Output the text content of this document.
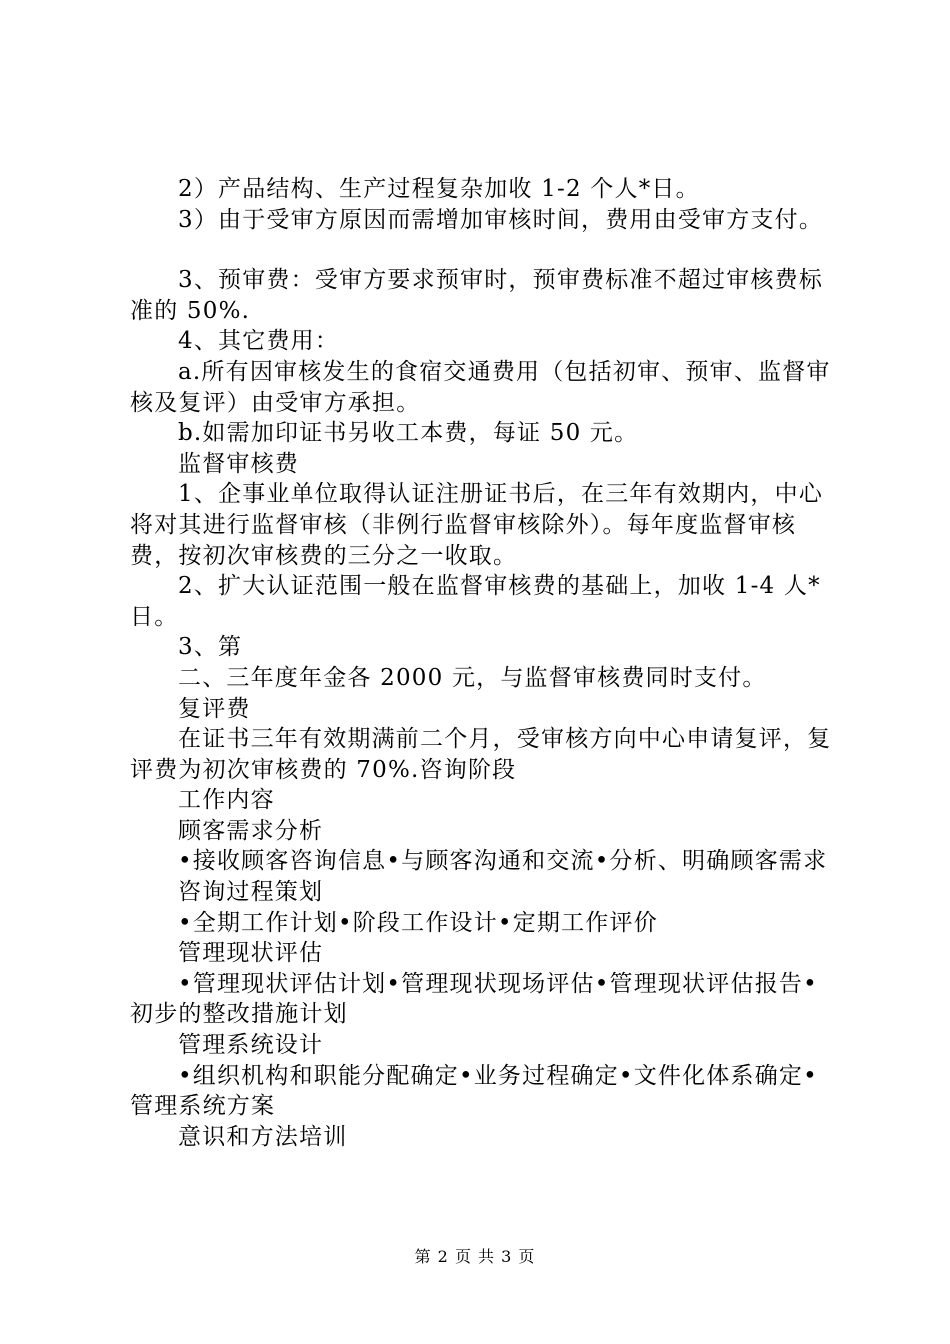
2）产品结构、生产过程复杂加收 1-2 个人*日。
3）由于受审方原因而需增加审核时间，费用由受审方支付。
3、预审费：受审方要求预审时，预审费标准不超过审核费标准的 50%.
4、其它费用：
a.所有因审核发生的食宿交通费用（包括初审、预审、监督审核及复评）由受审方承担。
b.如需加印证书另收工本费，每证 50 元。
监督审核费
1、企事业单位取得认证注册证书后，在三年有效期内，中心将对其进行监督审核（非例行监督审核除外）。每年度监督审核费，按初次审核费的三分之一收取。
2、扩大认证范围一般在监督审核费的基础上，加收 1-4 人*日。
3、第
二、三年度年金各 2000 元，与监督审核费同时支付。
复评费
在证书三年有效期满前二个月，受审核方向中心申请复评，复评费为初次审核费的 70%.咨询阶段
工作内容
顾客需求分析
•接收顾客咨询信息•与顾客沟通和交流•分析、明确顾客需求
咨询过程策划
•全期工作计划•阶段工作设计•定期工作评价
管理现状评估
•管理现状评估计划•管理现状现场评估•管理现状评估报告•初步的整改措施计划
管理系统设计
•组织机构和职能分配确定•业务过程确定•文件化体系确定•管理系统方案
意识和方法培训
第 2 页 共 3 页
